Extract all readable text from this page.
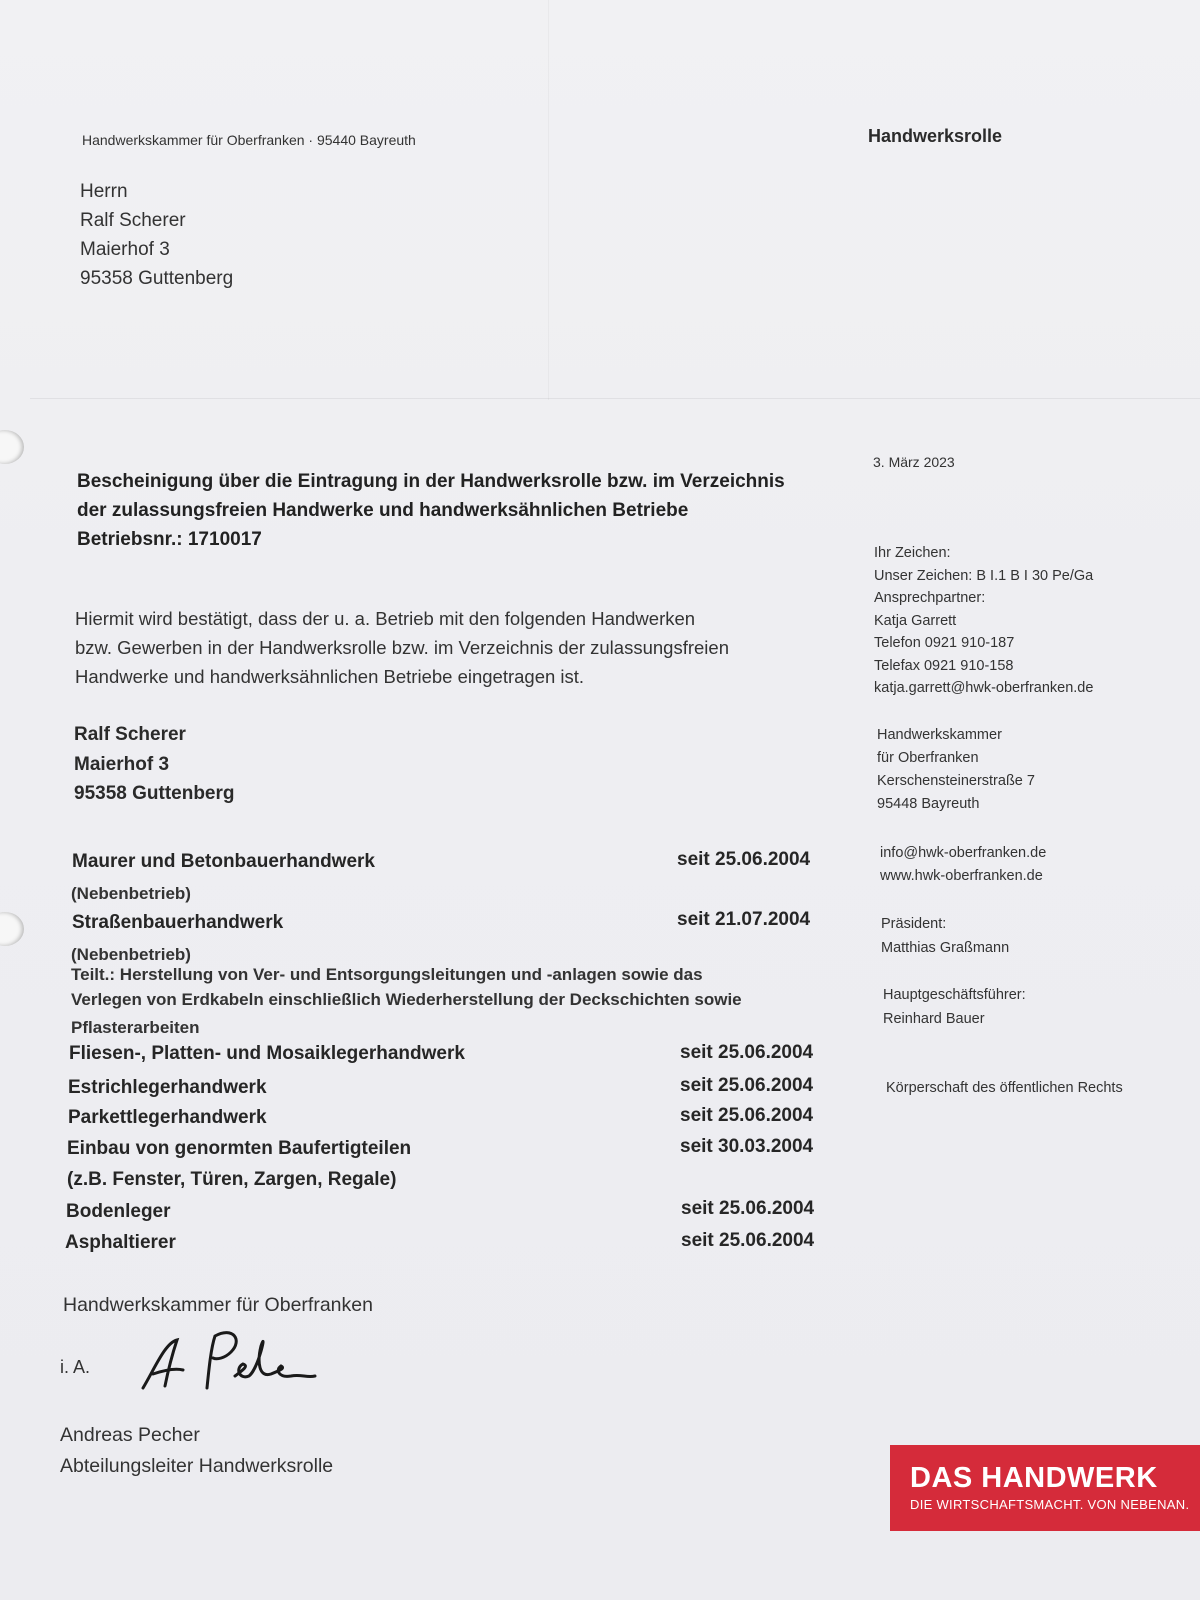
Handwerkskammer für Oberfranken · 95440 Bayreuth	Handwerksrolle
Herrn
Ralf Scherer
Maierhof 3
95358 Guttenberg
3. März 2023
Ihr Zeichen:
Unser Zeichen: B I.1 B I 30 Pe/Ga
Ansprechpartner:
Katja Garrett
Telefon 0921 910-187
Telefax 0921 910-158
katja.garrett@hwk-oberfranken.de
Handwerkskammer
für Oberfranken
Kerschensteinerstraße 7
95448 Bayreuth
info@hwk-oberfranken.de
www.hwk-oberfranken.de
Präsident:
Matthias Graßmann
Hauptgeschäftsführer:
Reinhard Bauer
Körperschaft des öffentlichen Rechts
Bescheinigung über die Eintragung in der Handwerksrolle bzw. im Verzeichnis
der zulassungsfreien Handwerke und handwerksähnlichen Betriebe
Betriebsnr.: 1710017
Hiermit wird bestätigt, dass der u. a. Betrieb mit den folgenden Handwerken
bzw. Gewerben in der Handwerksrolle bzw. im Verzeichnis der zulassungsfreien
Handwerke und handwerksähnlichen Betriebe eingetragen ist.
Ralf Scherer
Maierhof 3
95358 Guttenberg
Maurer und Betonbauerhandwerk	seit 25.06.2004
(Nebenbetrieb)
Straßenbauerhandwerk	seit 21.07.2004
(Nebenbetrieb)
Teilt.: Herstellung von Ver- und Entsorgungsleitungen und -anlagen sowie das
Verlegen von Erdkabeln einschließlich Wiederherstellung der Deckschichten sowie
Pflasterarbeiten
Fliesen-, Platten- und Mosaiklegerhandwerk	seit 25.06.2004
Estrichlegerhandwerk	seit 25.06.2004
Parkettlegerhandwerk	seit 25.06.2004
Einbau von genormten Baufertigteilen	seit 30.03.2004
(z.B. Fenster, Türen, Zargen, Regale)
Bodenleger	seit 25.06.2004
Asphaltierer	seit 25.06.2004
Handwerkskammer für Oberfranken
i. A.
Andreas Pecher
Abteilungsleiter Handwerksrolle	DAS HANDWERK
DIE WIRTSCHAFTSMACHT. VON NEBENAN.
